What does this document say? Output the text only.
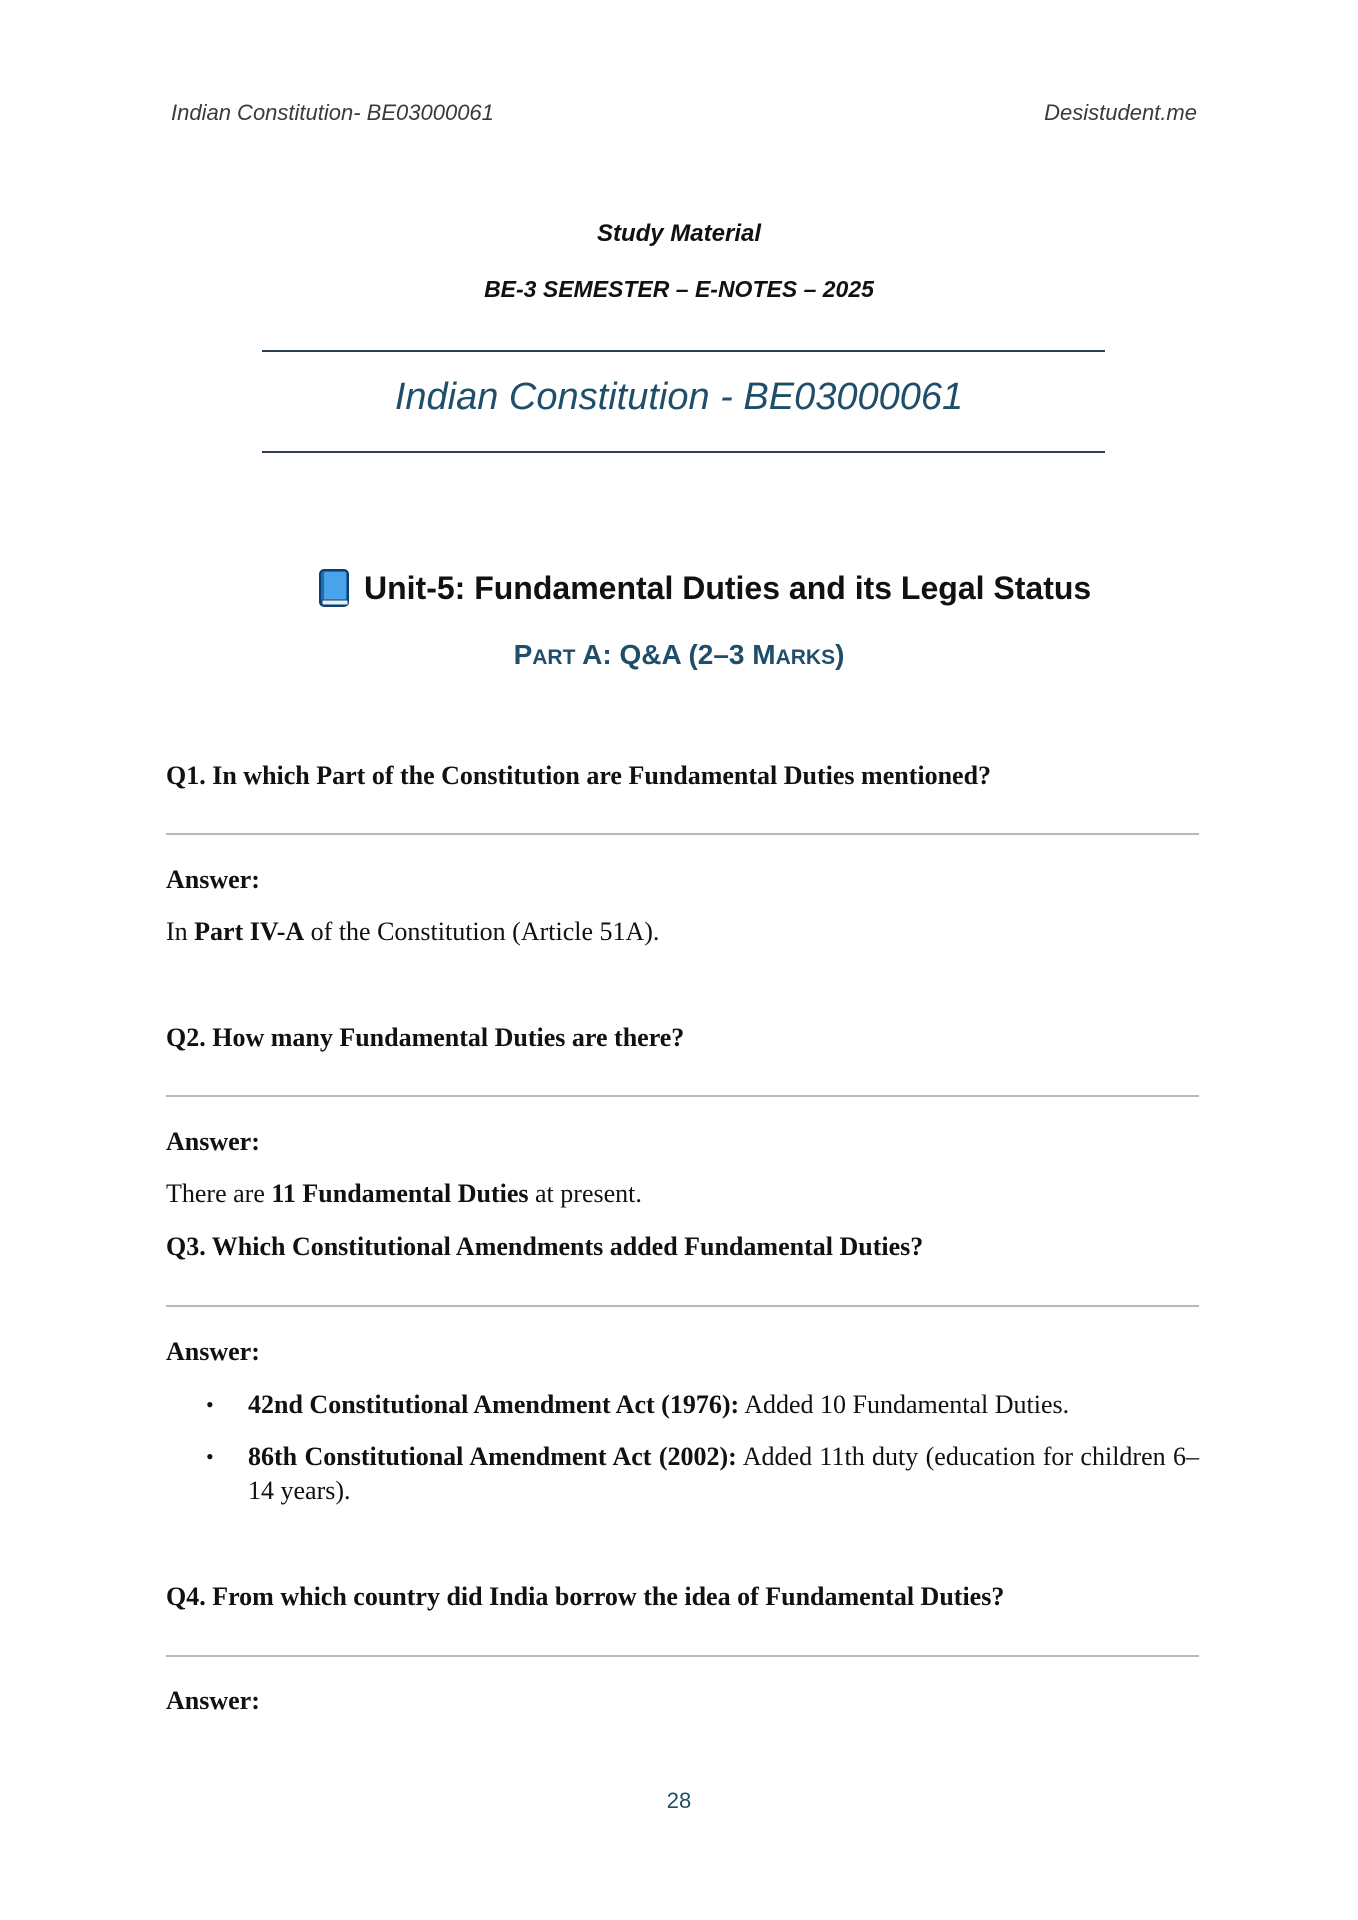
Indian Constitution- BE03000061	Desistudent.me
Study Material
BE-3 SEMESTER – E-NOTES – 2025
Indian Constitution - BE03000061
Unit-5: Fundamental Duties and its Legal Status
PART A: Q&A (2–3 MARKS)
Q1. In which Part of the Constitution are Fundamental Duties mentioned?
Answer:
In Part IV-A of the Constitution (Article 51A).
Q2. How many Fundamental Duties are there?
Answer:
There are 11 Fundamental Duties at present.
Q3. Which Constitutional Amendments added Fundamental Duties?
Answer:
• 42nd Constitutional Amendment Act (1976): Added 10 Fundamental Duties.
• 86th Constitutional Amendment Act (2002): Added 11th duty (education for children 6–14 years).
Q4. From which country did India borrow the idea of Fundamental Duties?
Answer:
28
